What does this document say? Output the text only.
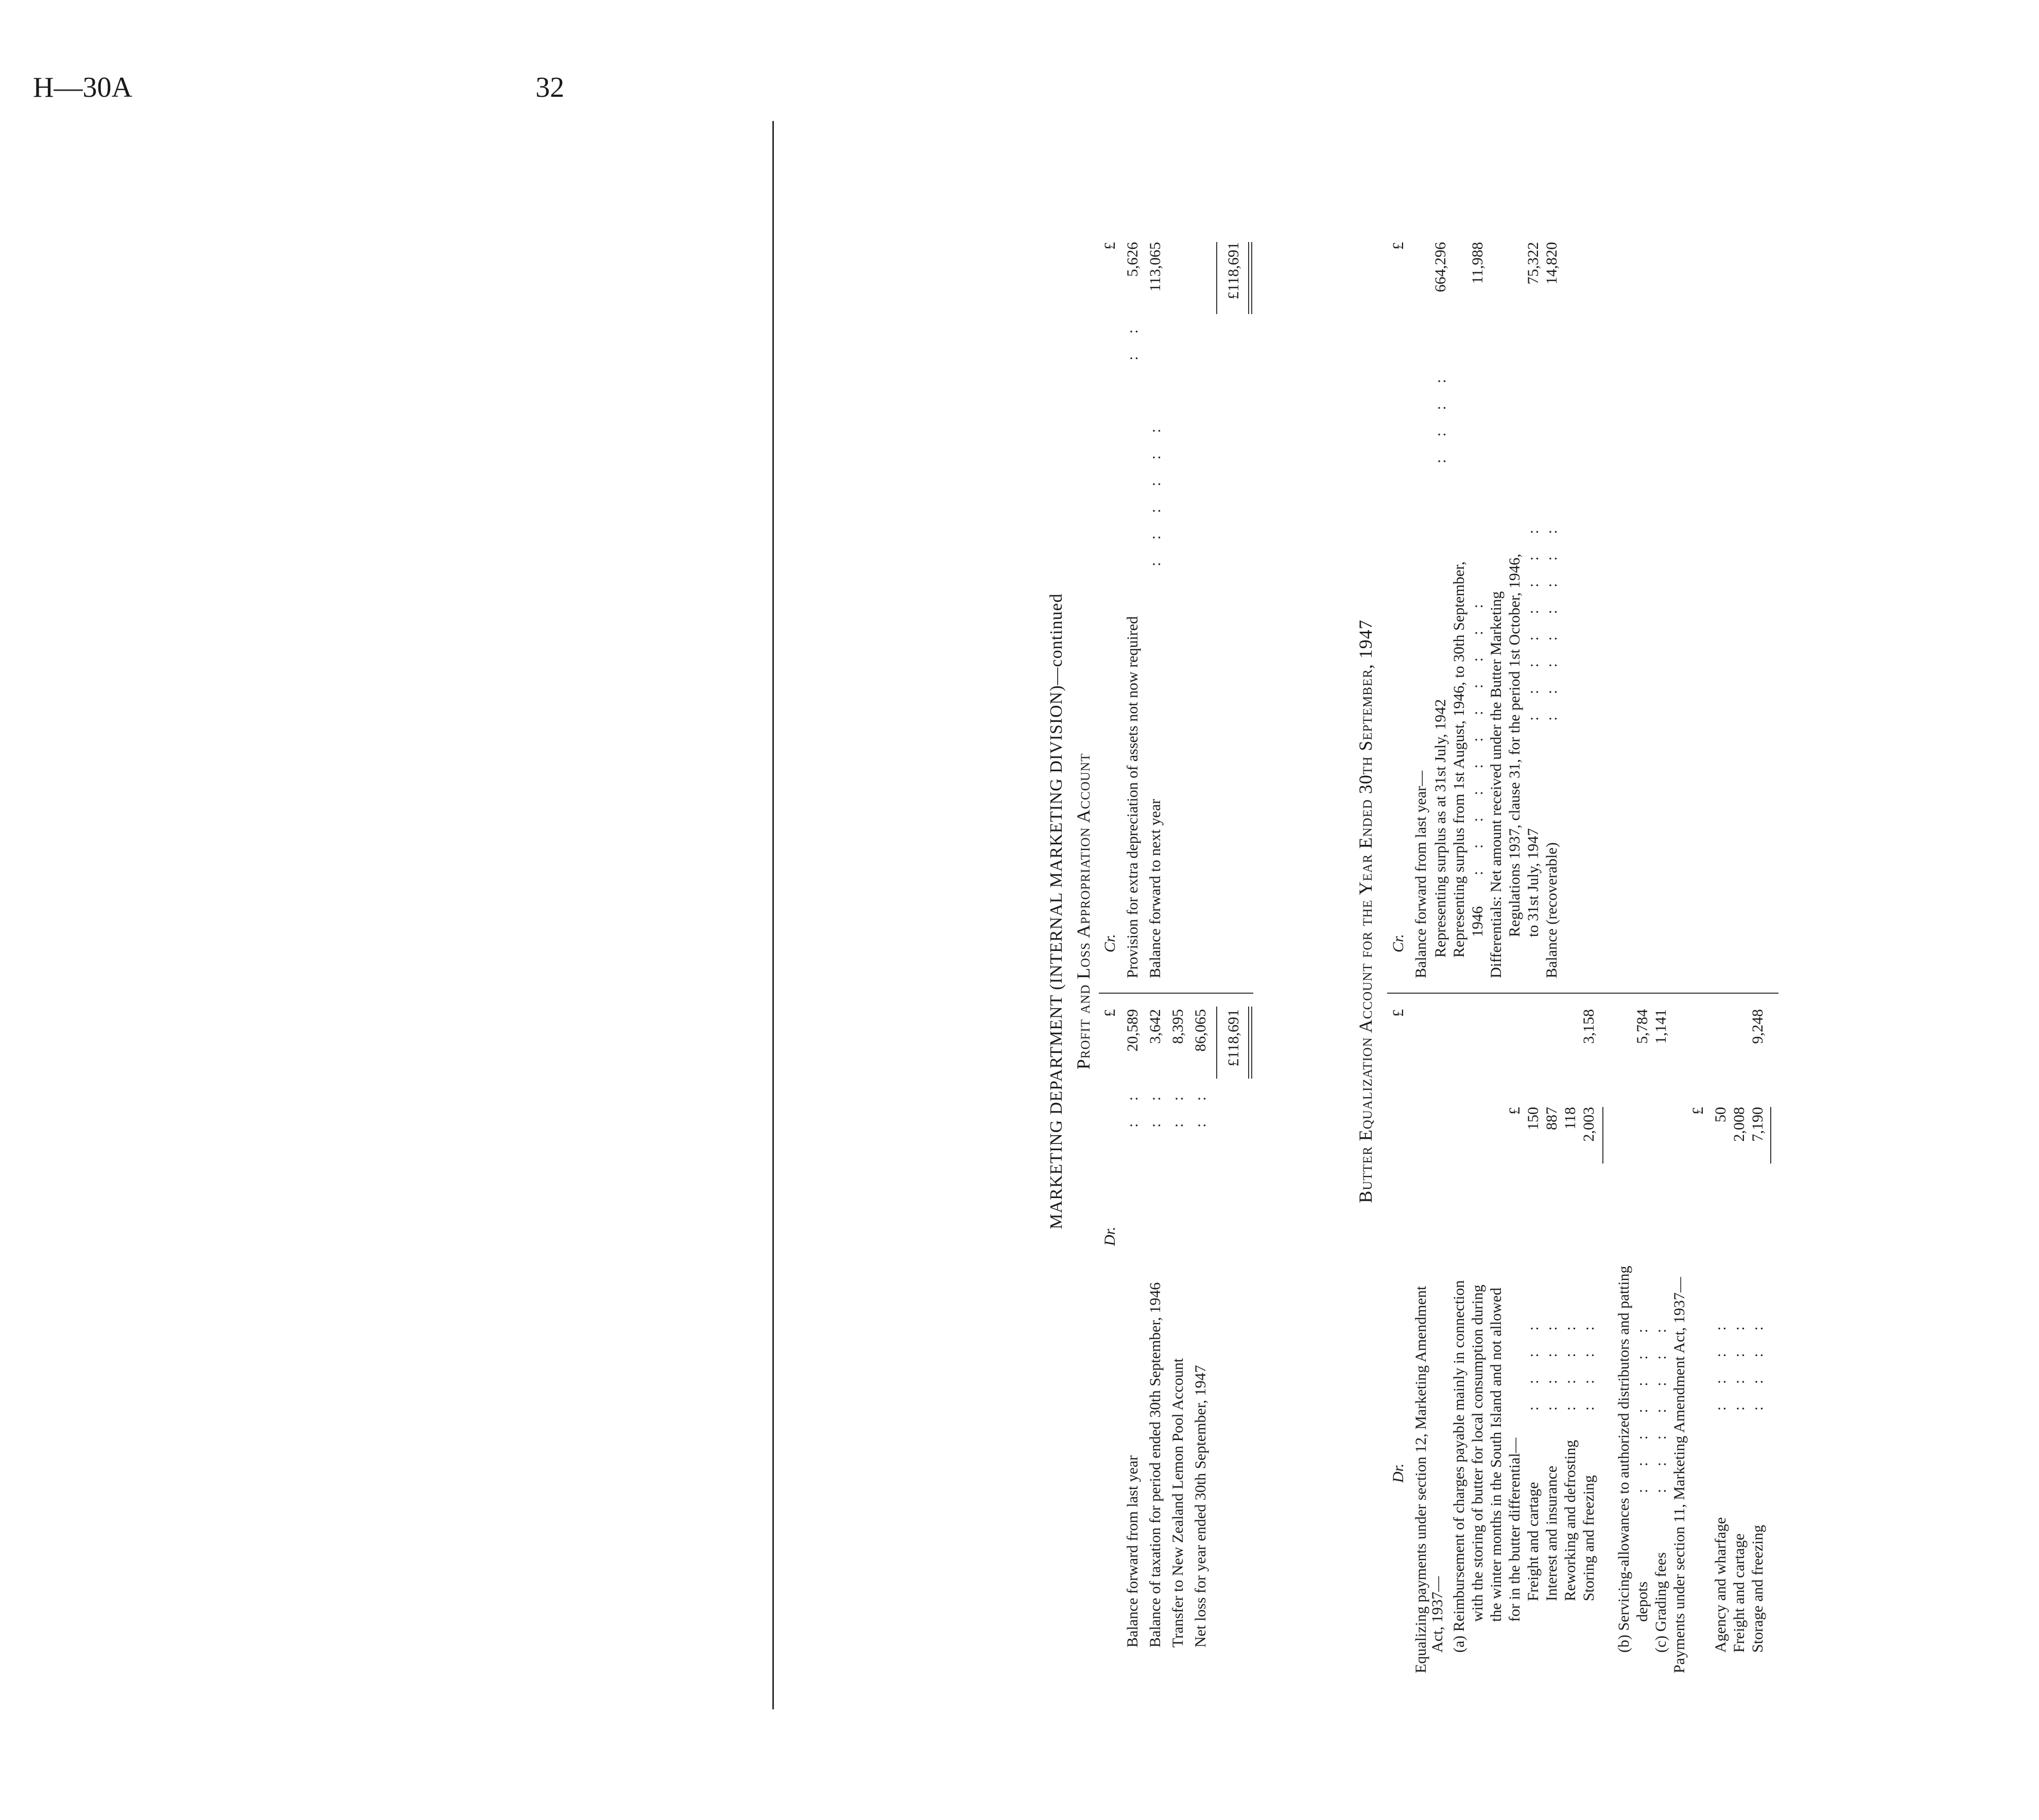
H—30A	32
MARKETING DEPARTMENT (INTERNAL MARKETING DIVISION)—continued Profit and Loss Appropriation Account
Dr.
£
Balance forward from last year Balance of taxation for period ended 30th September, 1946 Transfer to New Zealand Lemon Pool Account Net loss for year ended 30th September, 1947
: : : : : : : :
20,589 3,642 8,395 86,065 £118,691
Cr.
£
Provision for extra depreciation of assets not now required Balance forward to next year
: :
: : : : : :
5,626 113,065	£118,691
Butter Equalization Account for the Year Ended 30th September, 1947
Dr.
£
Equalizing payments under section 12, Marketing Amendment Act, 1937— (a) Reimbursement of charges payable mainly in connection with the storing of butter for local consumption during the winter months in the South Island and not allowed for in the butter differential—
£
Freight and cartage Interest and insurance Reworking and defrosting Storing and freezing
: : : : : : : : : : : : : : : :
150 887 118 2,003
3,158
(b) Servicing-allowances to authorized distributors and patting depots
: : : : : : :
5,784
(c) Grading fees
: : : : : : :
1,141
Payments under section 11, Marketing Amendment Act, 1937—
£
Agency and wharfage Freight and cartage Storage and freezing
: : : : : : : : : : : :
50 2,008 7,190
9,248
Cr.
£
Balance forward from last year— Representing surplus as at 31st July, 1942
: : : :
664,296
Representing surplus from 1st August, 1946, to 30th September, 1946
: : : : : : : : : : :
11,988
Differentials: Net amount received under the Butter Marketing Regulations 1937, clause 31, for the period 1st October, 1946, to 31st July, 1947
: : : : : : : :
75,322
Balance (recoverable)
: : : : : : : :
14,820
